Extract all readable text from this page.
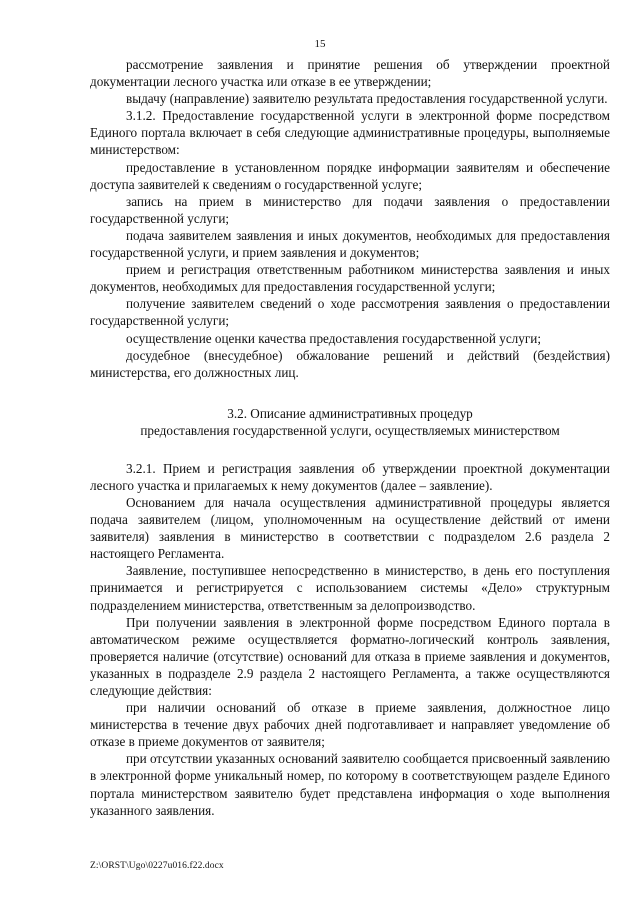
15

рассмотрение заявления и принятие решения об утверждении проектной документации лесного участка или отказе в ее утверждении;

выдачу (направление) заявителю результата предоставления государственной услуги.

3.1.2. Предоставление государственной услуги в электронной форме посредством Единого портала включает в себя следующие административные процедуры, выполняемые министерством:

предоставление в установленном порядке информации заявителям и обеспечение доступа заявителей к сведениям о государственной услуге;

запись на прием в министерство для подачи заявления о предоставлении государственной услуги;

подача заявителем заявления и иных документов, необходимых для предоставления государственной услуги, и прием заявления и документов;

прием и регистрация ответственным работником министерства заявления и иных документов, необходимых для предоставления государственной услуги;

получение заявителем сведений о ходе рассмотрения заявления о предоставлении государственной услуги;

осуществление оценки качества предоставления государственной услуги;

досудебное (внесудебное) обжалование решений и действий (бездействия) министерства, его должностных лиц.

3.2. Описание административных процедур
предоставления государственной услуги, осуществляемых министерством

3.2.1. Прием и регистрация заявления об утверждении проектной документации лесного участка и прилагаемых к нему документов (далее – заявление).

Основанием для начала осуществления административной процедуры является подача заявителем (лицом, уполномоченным на осуществление действий от имени заявителя) заявления в министерство в соответствии с подразделом 2.6 раздела 2 настоящего Регламента.

Заявление, поступившее непосредственно в министерство, в день его поступления принимается и регистрируется с использованием системы «Дело» структурным подразделением министерства, ответственным за делопроизводство.

При получении заявления в электронной форме посредством Единого портала в автоматическом режиме осуществляется форматно-логический контроль заявления, проверяется наличие (отсутствие) оснований для отказа в приеме заявления и документов, указанных в подразделе 2.9 раздела 2 настоящего Регламента, а также осуществляются следующие действия:

при наличии оснований об отказе в приеме заявления, должностное лицо министерства в течение двух рабочих дней подготавливает и направляет уведомление об отказе в приеме документов от заявителя;

при отсутствии указанных оснований заявителю сообщается присвоенный заявлению в электронной форме уникальный номер, по которому в соответствующем разделе Единого портала министерством заявителю будет представлена информация о ходе выполнения указанного заявления.

Z:\ORST\Ugo\0227u016.f22.docx
